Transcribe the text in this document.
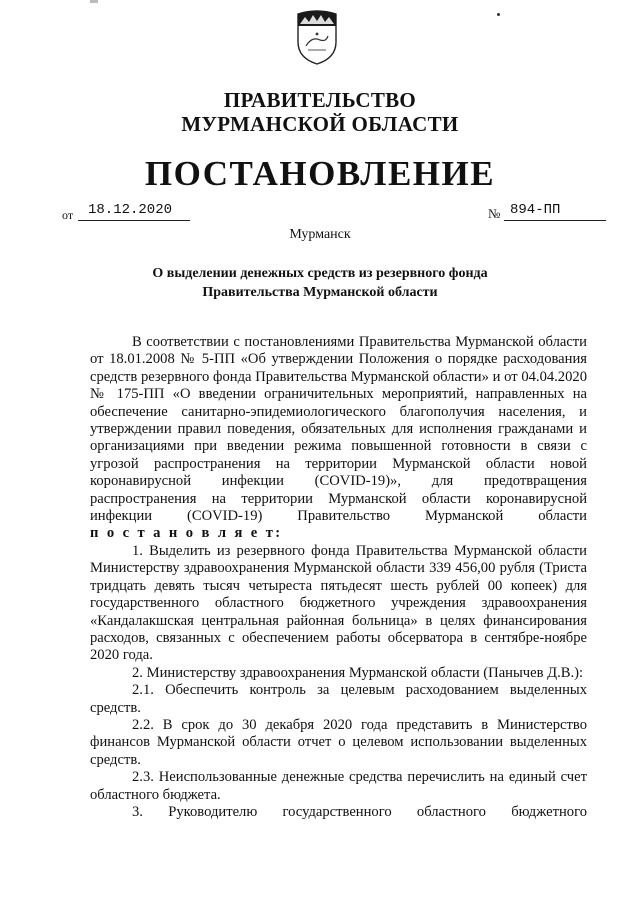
ПРАВИТЕЛЬСТВО
МУРМАНСКОЙ ОБЛАСТИ
ПОСТАНОВЛЕНИЕ
от	18.12.2020	№ 894-ПП
Мурманск
О выделении денежных средств из резервного фонда
Правительства Мурманской области

В соответствии с постановлениями Правительства Мурманской области от 18.01.2008 № 5-ПП «Об утверждении Положения о порядке расходования средств резервного фонда Правительства Мурманской области» и от 04.04.2020 № 175-ПП «О введении ограничительных мероприятий, направленных на обеспечение санитарно-эпидемиологического благополучия населения, и утверждении правил поведения, обязательных для исполнения гражданами и организациями при введении режима повышенной готовности в связи с угрозой распространения на территории Мурманской области новой коронавирусной инфекции (COVID-19)», для предотвращения распространения на территории Мурманской области коронавирусной инфекции (COVID-19) Правительство Мурманской области

п о с т а н о в л я е т:

1. Выделить из резервного фонда Правительства Мурманской области Министерству здравоохранения Мурманской области 339 456,00 рубля (Триста тридцать девять тысяч четыреста пятьдесят шесть рублей 00 копеек) для государственного областного бюджетного учреждения здравоохранения «Кандалакшская центральная районная больница» в целях финансирования расходов, связанных с обеспечением работы обсерватора в сентябре-ноябре 2020 года.

2. Министерству здравоохранения Мурманской области (Панычев Д.В.):

2.1. Обеспечить контроль за целевым расходованием выделенных средств.

2.2. В срок до 30 декабря 2020 года представить в Министерство финансов Мурманской области отчет о целевом использовании выделенных средств.

2.3. Неиспользованные денежные средства перечислить на единый счет областного бюджета.

3. Руководителю государственного областного бюджетного
